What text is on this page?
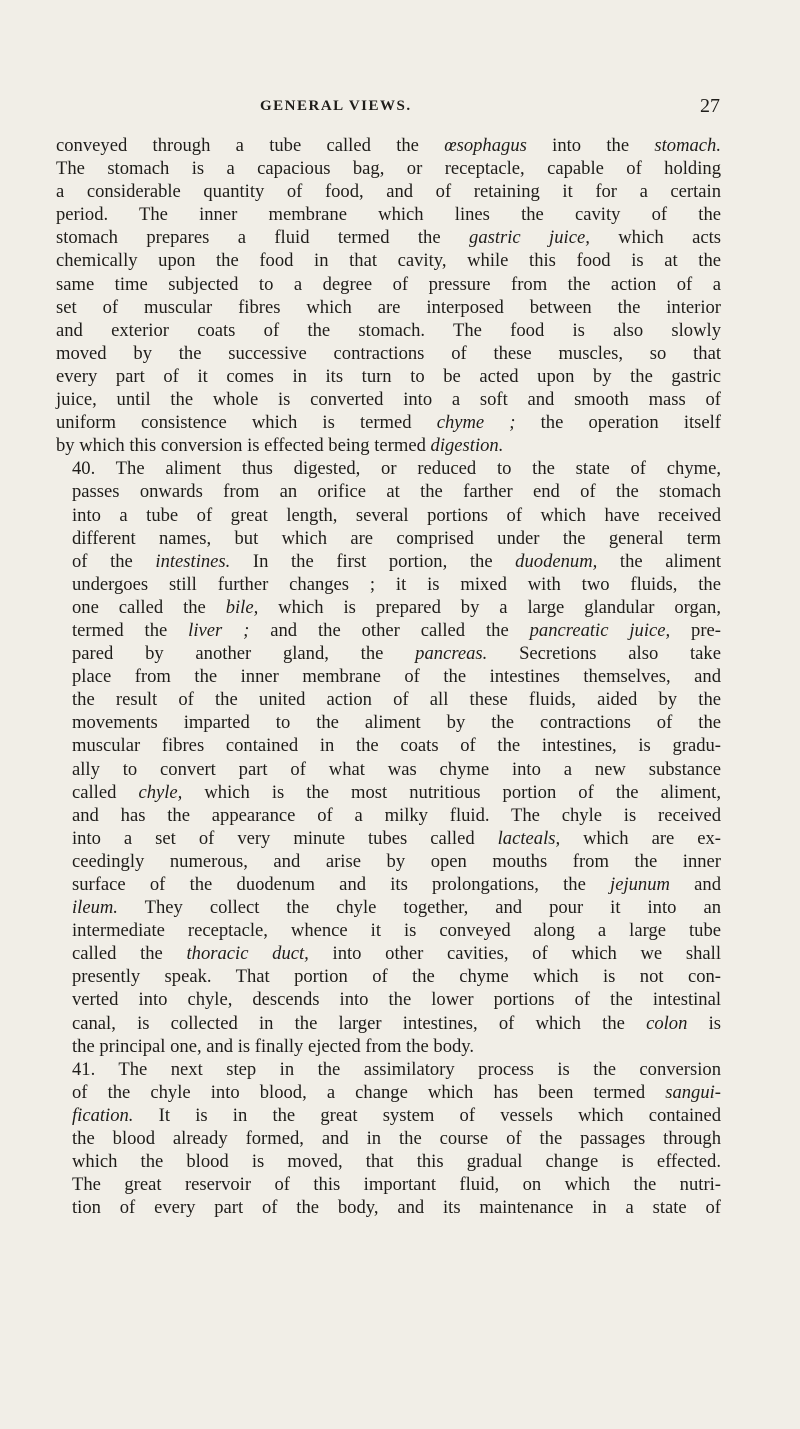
GENERAL VIEWS.	27

conveyed through a tube called the œsophagus into the stomach.
The stomach is a capacious bag, or receptacle, capable of holding
a considerable quantity of food, and of retaining it for a certain
period. The inner membrane which lines the cavity of the
stomach prepares a fluid termed the gastric juice, which acts
chemically upon the food in that cavity, while this food is at the
same time subjected to a degree of pressure from the action of a
set of muscular fibres which are interposed between the interior
and exterior coats of the stomach. The food is also slowly
moved by the successive contractions of these muscles, so that
every part of it comes in its turn to be acted upon by the gastric
juice, until the whole is converted into a soft and smooth mass of
uniform consistence which is termed chyme ; the operation itself
by which this conversion is effected being termed digestion.

40. The aliment thus digested, or reduced to the state of chyme,
passes onwards from an orifice at the farther end of the stomach
into a tube of great length, several portions of which have received
different names, but which are comprised under the general term
of the intestines. In the first portion, the duodenum, the aliment
undergoes still further changes ; it is mixed with two fluids, the
one called the bile, which is prepared by a large glandular organ,
termed the liver ; and the other called the pancreatic juice, pre-
pared by another gland, the pancreas. Secretions also take
place from the inner membrane of the intestines themselves, and
the result of the united action of all these fluids, aided by the
movements imparted to the aliment by the contractions of the
muscular fibres contained in the coats of the intestines, is gradu-
ally to convert part of what was chyme into a new substance
called chyle, which is the most nutritious portion of the aliment,
and has the appearance of a milky fluid. The chyle is received
into a set of very minute tubes called lacteals, which are ex-
ceedingly numerous, and arise by open mouths from the inner
surface of the duodenum and its prolongations, the jejunum and
ileum. They collect the chyle together, and pour it into an
intermediate receptacle, whence it is conveyed along a large tube
called the thoracic duct, into other cavities, of which we shall
presently speak. That portion of the chyme which is not con-
verted into chyle, descends into the lower portions of the intestinal
canal, is collected in the larger intestines, of which the colon is
the principal one, and is finally ejected from the body.

41. The next step in the assimilatory process is the conversion
of the chyle into blood, a change which has been termed sangui-
fication. It is in the great system of vessels which contained
the blood already formed, and in the course of the passages through
which the blood is moved, that this gradual change is effected.
The great reservoir of this important fluid, on which the nutri-
tion of every part of the body, and its maintenance in a state of
